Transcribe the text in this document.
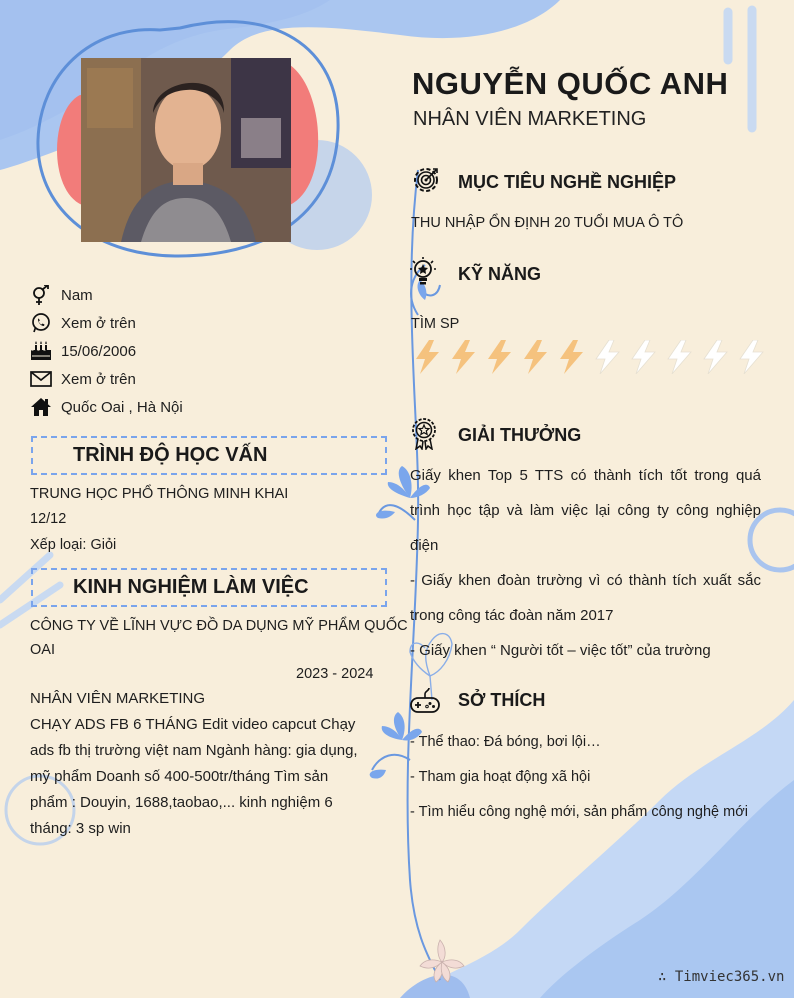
NGUYỄN QUỐC ANH
NHÂN VIÊN MARKETING
Nam
Xem ở trên
15/06/2006
Xem ở trên
Quốc Oai , Hà Nội
TRÌNH ĐỘ HỌC VẤN
TRUNG HỌC PHỔ THÔNG MINH KHAI
12/12
Xếp loại: Giỏi
KINH NGHIỆM LÀM VIỆC
CÔNG TY VỀ LĨNH VỰC ĐỒ DA DỤNG MỸ PHẨM QUỐC
OAI
2023 - 2024
NHÂN VIÊN MARKETING
CHẠY ADS FB 6 THÁNG Edit video capcut Chạy ads fb thị trường việt nam Ngành hàng: gia dụng, mỹ phẩm Doanh số 400-500tr/tháng Tìm sản phẩm : Douyin, 1688,taobao,... kinh nghiệm 6 tháng: 3 sp win
MỤC TIÊU NGHỀ NGHIỆP
THU NHẬP ỔN ĐỊNH 20 TUỔI MUA Ô TÔ
KỸ NĂNG
TÌM SP
GIẢI THƯỞNG
Giấy khen Top 5 TTS có thành tích tốt trong quá trình học tập và làm việc lại công ty công nghiệp điện
- Giấy khen đoàn trường vì có thành tích xuất sắc trong công tác đoàn năm 2017
- Giấy khen “ Người tốt – việc tốt” của trường
SỞ THÍCH
- Thể thao: Đá bóng, bơi lội…
- Tham gia hoạt động xã hội
- Tìm hiểu công nghệ mới, sản phẩm công nghệ mới
∴ Timviec365.vn
